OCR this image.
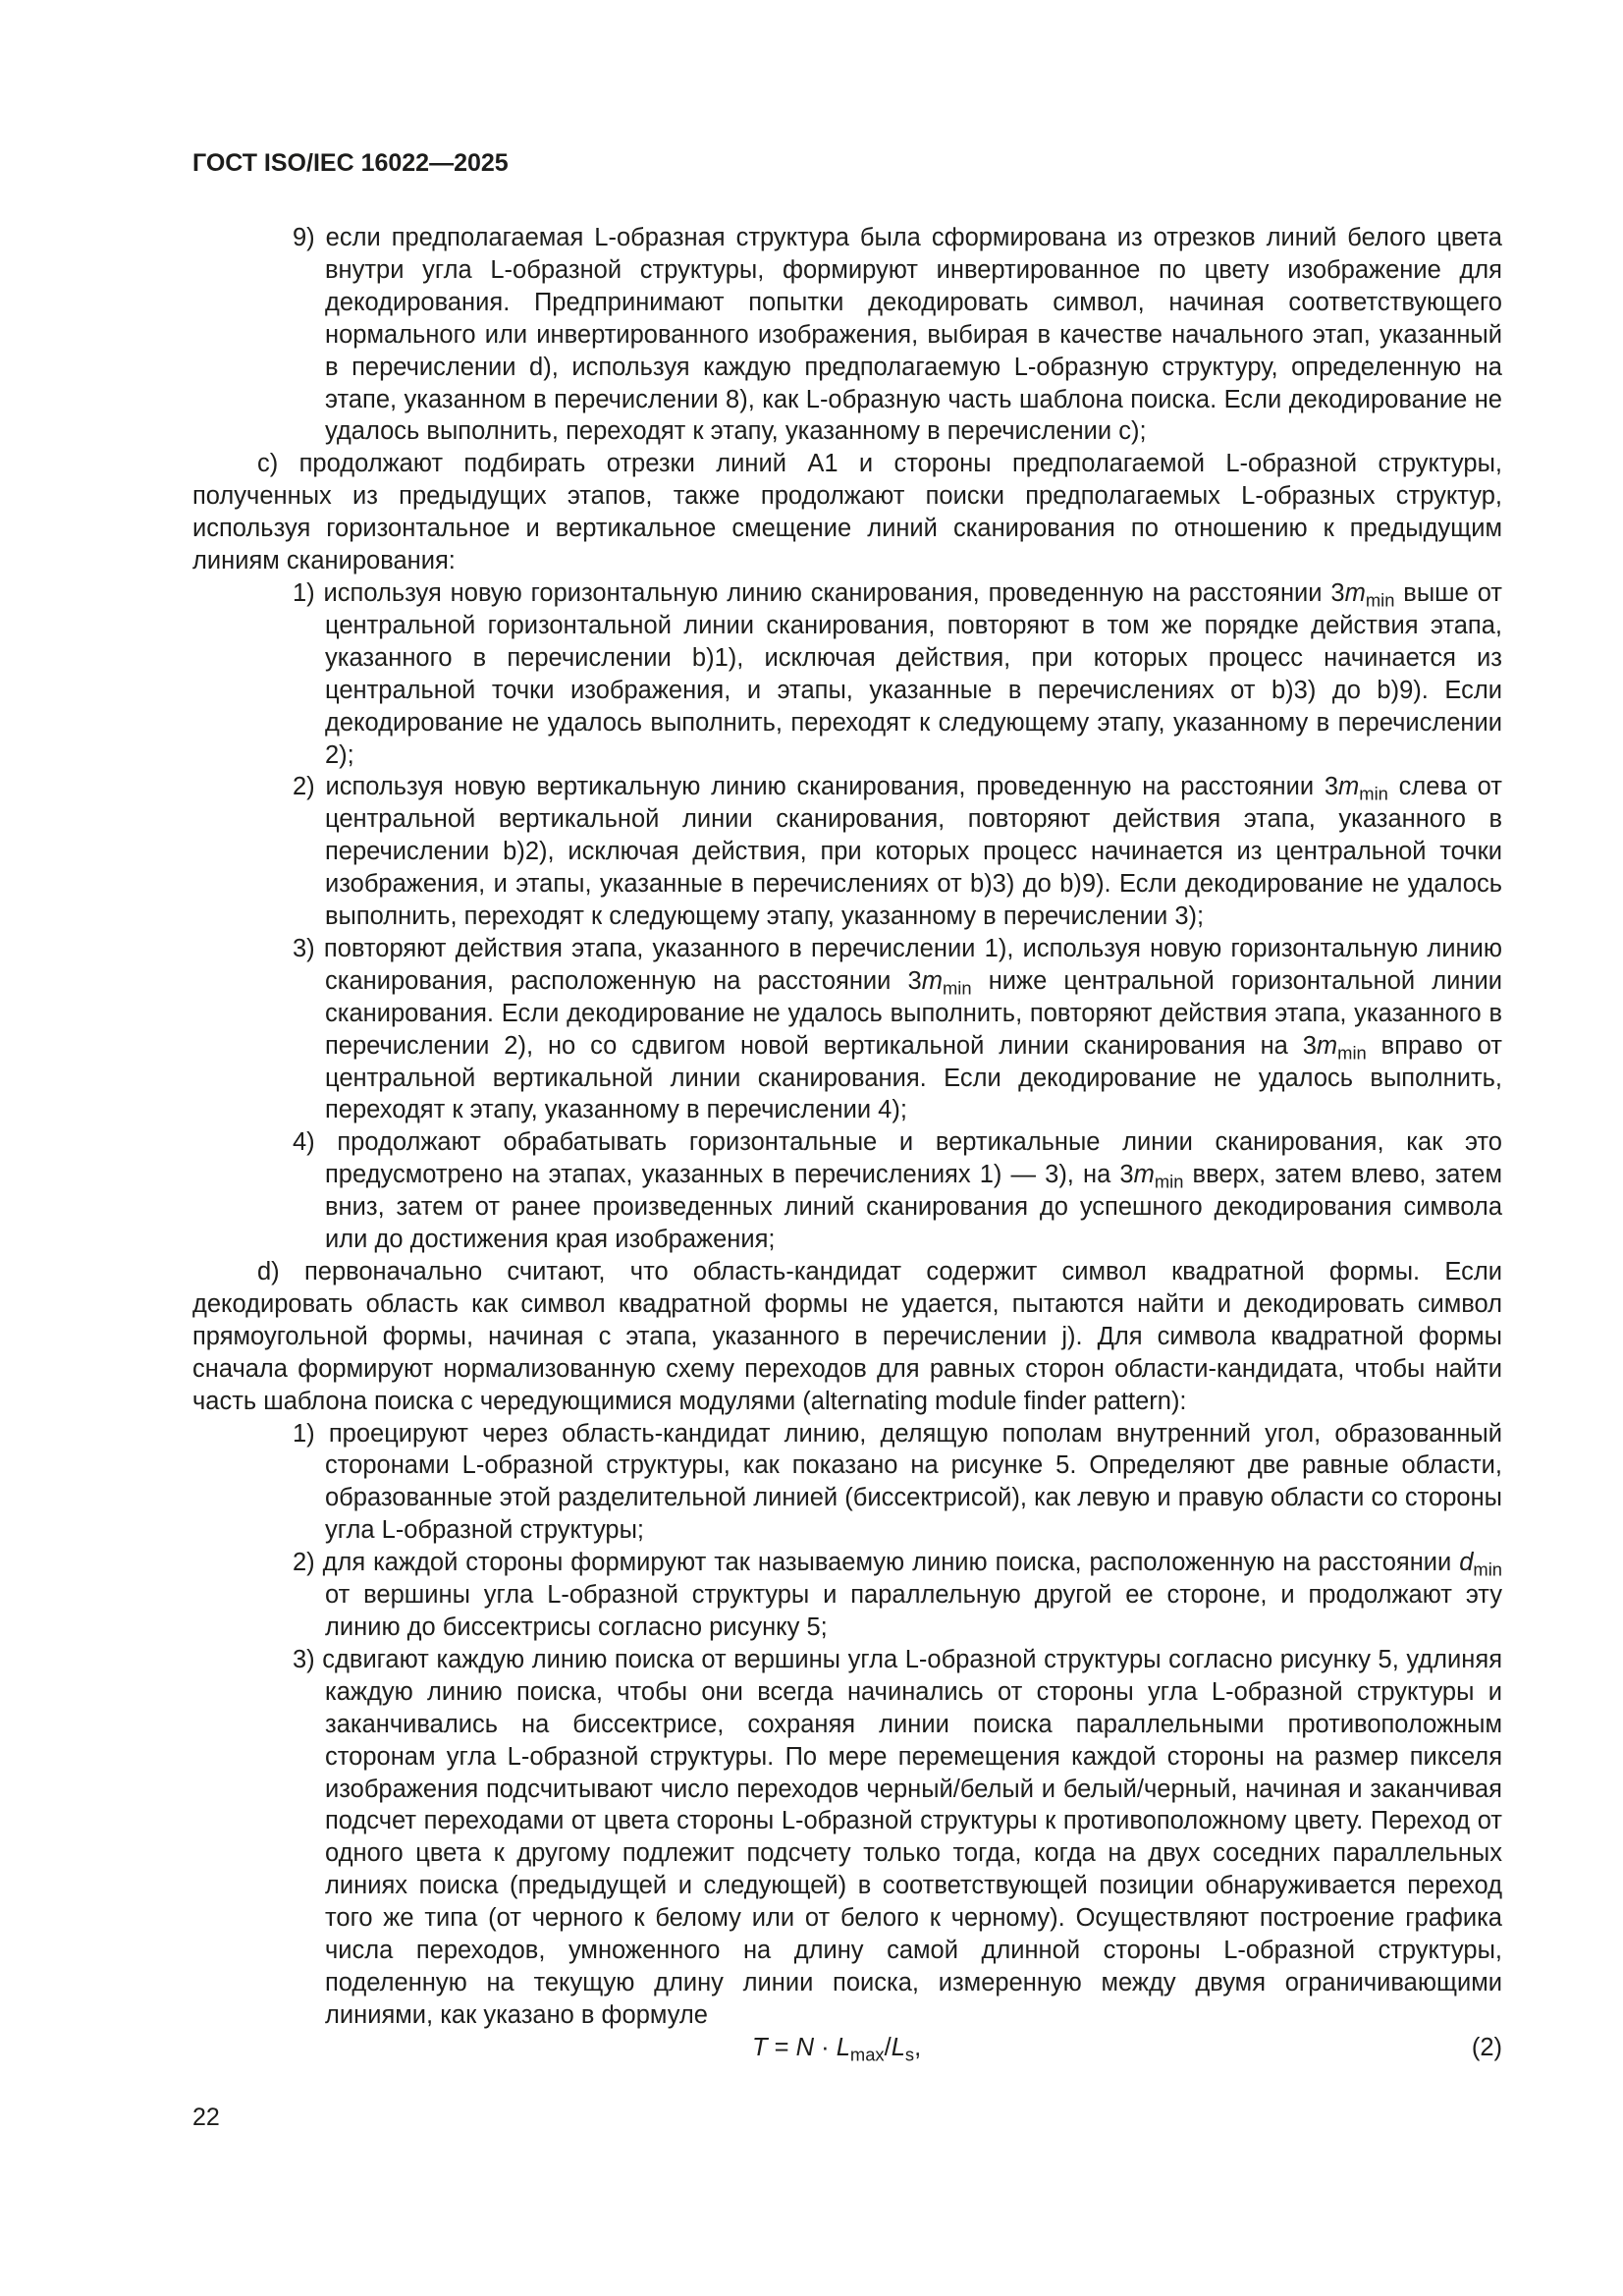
ГОСТ ISO/IEC 16022—2025

9) если предполагаемая L-образная структура была сформирована из отрезков линий белого цвета внутри угла L-образной структуры, формируют инвертированное по цвету изображение для декодирования. Предпринимают попытки декодировать символ, начиная соответствующего нормального или инвертированного изображения, выбирая в качестве начального этап, указанный в перечислении d), используя каждую предполагаемую L-образную структуру, определенную на этапе, указанном в перечислении 8), как L-образную часть шаблона поиска. Если декодирование не удалось выполнить, переходят к этапу, указанному в перечислении c);

c) продолжают подбирать отрезки линий A1 и стороны предполагаемой L-образной структуры, полученных из предыдущих этапов, также продолжают поиски предполагаемых L-образных структур, используя горизонтальное и вертикальное смещение линий сканирования по отношению к предыдущим линиям сканирования:

1) используя новую горизонтальную линию сканирования, проведенную на расстоянии $3m_{min}$ выше от центральной горизонтальной линии сканирования, повторяют в том же порядке действия этапа, указанного в перечислении b)1), исключая действия, при которых процесс начинается из центральной точки изображения, и этапы, указанные в перечислениях от b)3) до b)9). Если декодирование не удалось выполнить, переходят к следующему этапу, указанному в перечислении 2);

2) используя новую вертикальную линию сканирования, проведенную на расстоянии $3m_{min}$ слева от центральной вертикальной линии сканирования, повторяют действия этапа, указанного в перечислении b)2), исключая действия, при которых процесс начинается из центральной точки изображения, и этапы, указанные в перечислениях от b)3) до b)9). Если декодирование не удалось выполнить, переходят к следующему этапу, указанному в перечислении 3);

3) повторяют действия этапа, указанного в перечислении 1), используя новую горизонтальную линию сканирования, расположенную на расстоянии $3m_{min}$ ниже центральной горизонтальной линии сканирования. Если декодирование не удалось выполнить, повторяют действия этапа, указанного в перечислении 2), но со сдвигом новой вертикальной линии сканирования на $3m_{min}$ вправо от центральной вертикальной линии сканирования. Если декодирование не удалось выполнить, переходят к этапу, указанному в перечислении 4);

4) продолжают обрабатывать горизонтальные и вертикальные линии сканирования, как это предусмотрено на этапах, указанных в перечислениях 1) — 3), на $3m_{min}$ вверх, затем влево, затем вниз, затем от ранее произведенных линий сканирования до успешного декодирования символа или до достижения края изображения;

d) первоначально считают, что область-кандидат содержит символ квадратной формы. Если декодировать область как символ квадратной формы не удается, пытаются найти и декодировать символ прямоугольной формы, начиная с этапа, указанного в перечислении j). Для символа квадратной формы сначала формируют нормализованную схему переходов для равных сторон области-кандидата, чтобы найти часть шаблона поиска с чередующимися модулями (alternating module finder pattern):

1) проецируют через область-кандидат линию, делящую пополам внутренний угол, образованный сторонами L-образной структуры, как показано на рисунке 5. Определяют две равные области, образованные этой разделительной линией (биссектрисой), как левую и правую области со стороны угла L-образной структуры;

2) для каждой стороны формируют так называемую линию поиска, расположенную на расстоянии $d_{min}$ от вершины угла L-образной структуры и параллельную другой ее стороне, и продолжают эту линию до биссектрисы согласно рисунку 5;

3) сдвигают каждую линию поиска от вершины угла L-образной структуры согласно рисунку 5, удлиняя каждую линию поиска, чтобы они всегда начинались от стороны угла L-образной структуры и заканчивались на биссектрисе, сохраняя линии поиска параллельными противоположным сторонам угла L-образной структуры. По мере перемещения каждой стороны на размер пикселя изображения подсчитывают число переходов черный/белый и белый/черный, начиная и заканчивая подсчет переходами от цвета стороны L-образной структуры к противоположному цвету. Переход от одного цвета к другому подлежит подсчету только тогда, когда на двух соседних параллельных линиях поиска (предыдущей и следующей) в соответствующей позиции обнаруживается переход того же типа (от черного к белому или от белого к черному). Осуществляют построение графика числа переходов, умноженного на длину самой длинной стороны L-образной структуры, поделенную на текущую длину линии поиска, измеренную между двумя ограничивающими линиями, как указано в формуле

$T = N \cdot L_{max}/L_s$,	(2)
22
